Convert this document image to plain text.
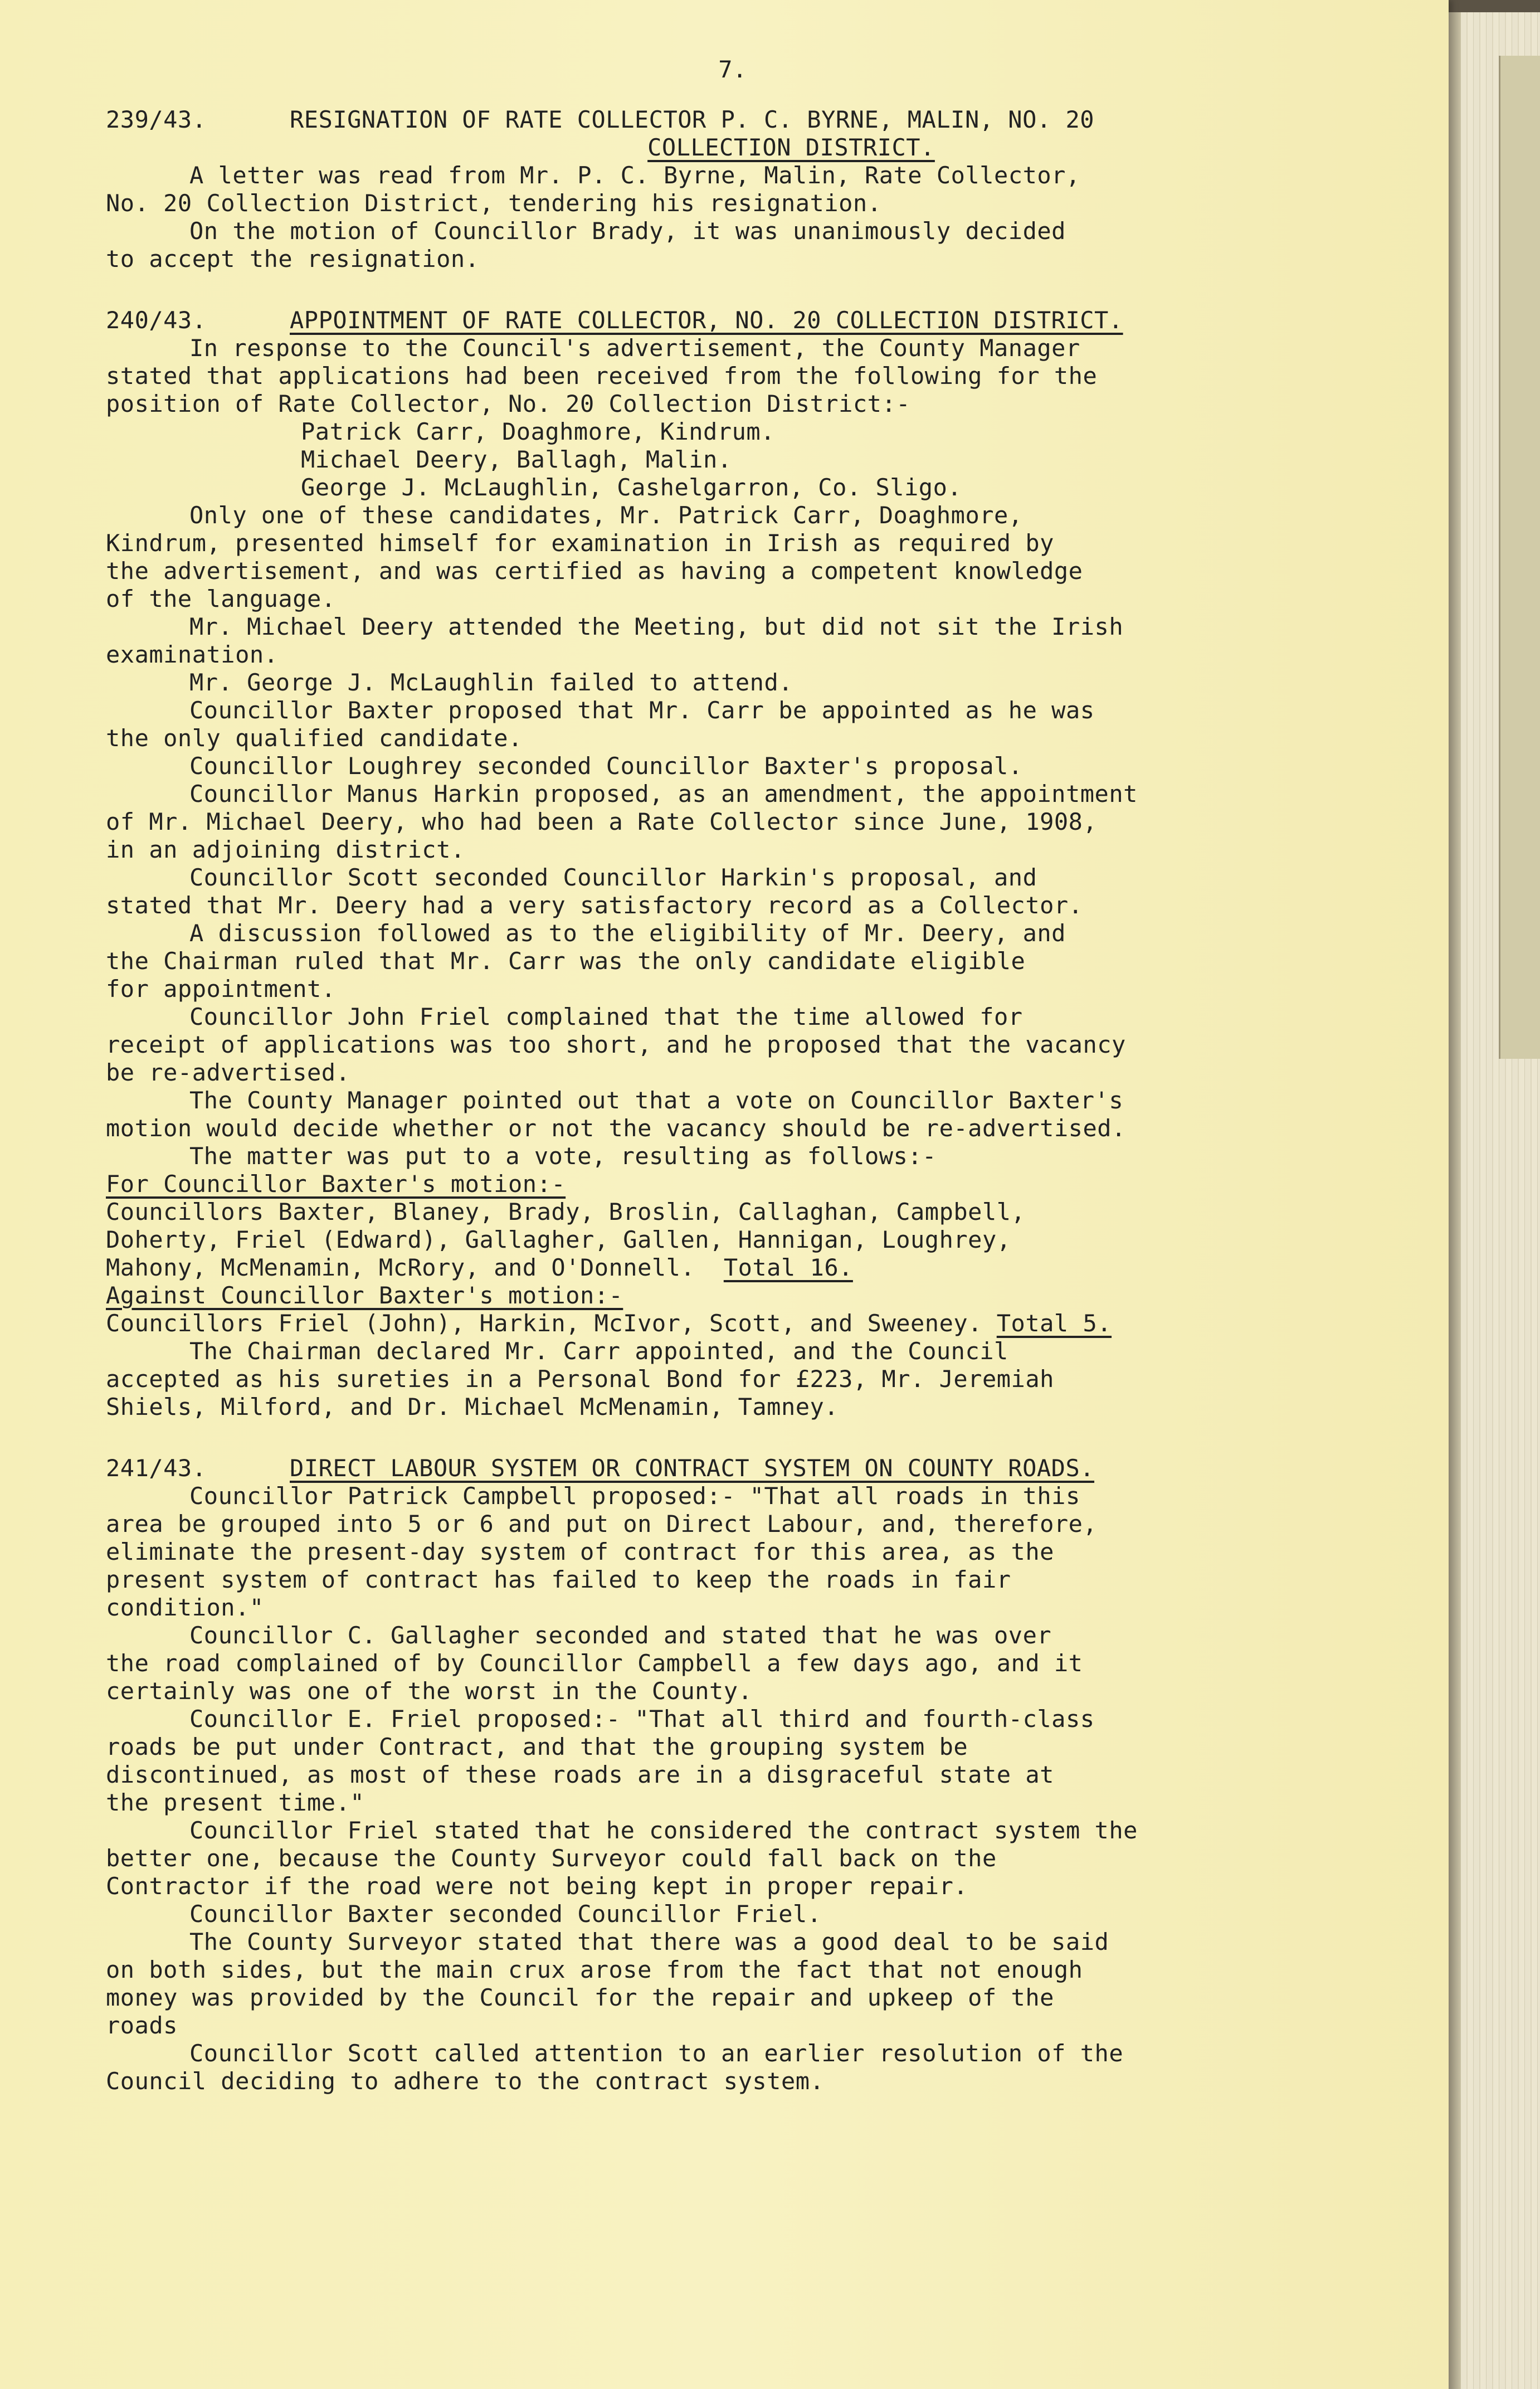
7.
239/43.	RESIGNATION OF RATE COLLECTOR P. C. BYRNE, MALIN, NO. 20
COLLECTION DISTRICT.
A letter was read from Mr. P. C. Byrne, Malin, Rate Collector,
No. 20 Collection District, tendering his resignation.
On the motion of Councillor Brady, it was unanimously decided
to accept the resignation.
240/43.	APPOINTMENT OF RATE COLLECTOR, NO. 20 COLLECTION DISTRICT.
In response to the Council's advertisement, the County Manager
stated that applications had been received from the following for the
position of Rate Collector, No. 20 Collection District:-
Patrick Carr, Doaghmore, Kindrum.
Michael Deery, Ballagh, Malin.
George J. McLaughlin, Cashelgarron, Co. Sligo.
Only one of these candidates, Mr. Patrick Carr, Doaghmore,
Kindrum, presented himself for examination in Irish as required by
the advertisement, and was certified as having a competent knowledge
of the language.
Mr. Michael Deery attended the Meeting, but did not sit the Irish
examination.
Mr. George J. McLaughlin failed to attend.
Councillor Baxter proposed that Mr. Carr be appointed as he was
the only qualified candidate.
Councillor Loughrey seconded Councillor Baxter's proposal.
Councillor Manus Harkin proposed, as an amendment, the appointment
of Mr. Michael Deery, who had been a Rate Collector since June, 1908,
in an adjoining district.
Councillor Scott seconded Councillor Harkin's proposal, and
stated that Mr. Deery had a very satisfactory record as a Collector.
A discussion followed as to the eligibility of Mr. Deery, and
the Chairman ruled that Mr. Carr was the only candidate eligible
for appointment.
Councillor John Friel complained that the time allowed for
receipt of applications was too short, and he proposed that the vacancy
be re-advertised.
The County Manager pointed out that a vote on Councillor Baxter's
motion would decide whether or not the vacancy should be re-advertised.
The matter was put to a vote, resulting as follows:-
For Councillor Baxter's motion:-
Councillors Baxter, Blaney, Brady, Broslin, Callaghan, Campbell,
Doherty, Friel (Edward), Gallagher, Gallen, Hannigan, Loughrey,
Mahony, McMenamin, McRory, and O'Donnell. Total 16.
Against Councillor Baxter's motion:-
Councillors Friel (John), Harkin, McIvor, Scott, and Sweeney. Total 5.
The Chairman declared Mr. Carr appointed, and the Council
accepted as his sureties in a Personal Bond for £223, Mr. Jeremiah
Shiels, Milford, and Dr. Michael McMenamin, Tamney.
241/43.	DIRECT LABOUR SYSTEM OR CONTRACT SYSTEM ON COUNTY ROADS.
Councillor Patrick Campbell proposed:- "That all roads in this
area be grouped into 5 or 6 and put on Direct Labour, and, therefore,
eliminate the present-day system of contract for this area, as the
present system of contract has failed to keep the roads in fair
condition."
Councillor C. Gallagher seconded and stated that he was over
the road complained of by Councillor Campbell a few days ago, and it
certainly was one of the worst in the County.
Councillor E. Friel proposed:- "That all third and fourth-class
roads be put under Contract, and that the grouping system be
discontinued, as most of these roads are in a disgraceful state at
the present time."
Councillor Friel stated that he considered the contract system the
better one, because the County Surveyor could fall back on the
Contractor if the road were not being kept in proper repair.
Councillor Baxter seconded Councillor Friel.
The County Surveyor stated that there was a good deal to be said
on both sides, but the main crux arose from the fact that not enough
money was provided by the Council for the repair and upkeep of the
roads
Councillor Scott called attention to an earlier resolution of the
Council deciding to adhere to the contract system.
